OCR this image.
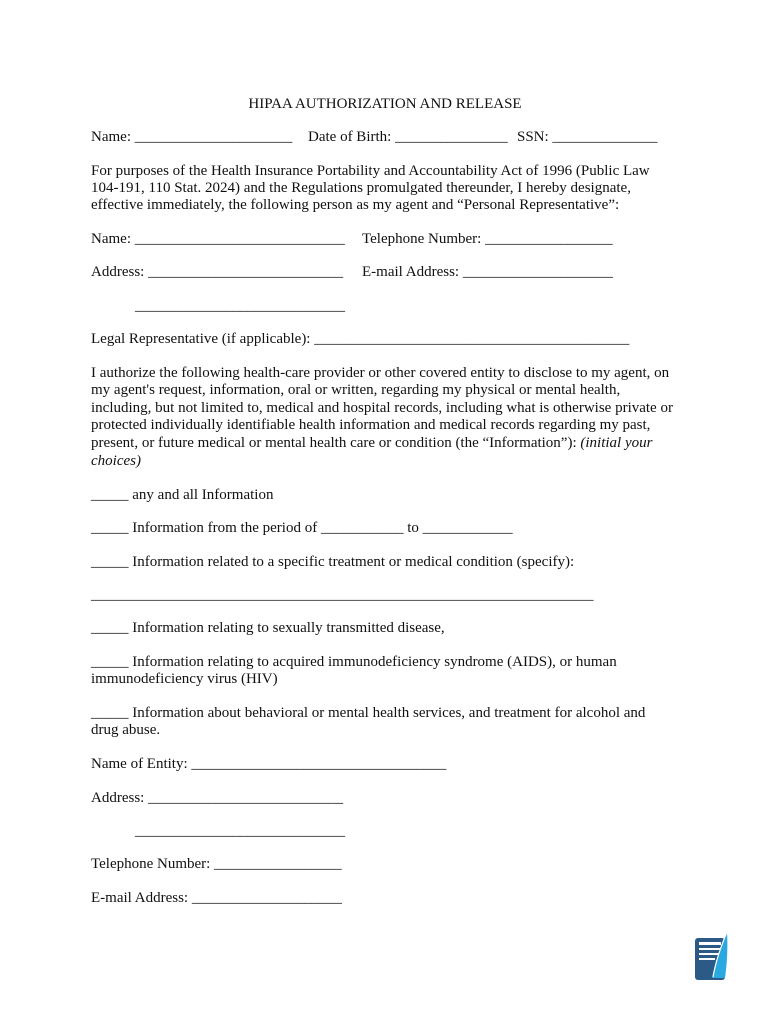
HIPAA AUTHORIZATION AND RELEASE
Name: _____________________ Date of Birth: _______________ SSN: ______________
For purposes of the Health Insurance Portability and Accountability Act of 1996 (Public Law
104-191, 110 Stat. 2024) and the Regulations promulgated thereunder, I hereby designate,
effective immediately, the following person as my agent and “Personal Representative”:
Name: ____________________________ Telephone Number: _________________
Address: __________________________ E-mail Address: ____________________
____________________________
Legal Representative (if applicable): __________________________________________
I authorize the following health-care provider or other covered entity to disclose to my agent, on
my agent's request, information, oral or written, regarding my physical or mental health,
including, but not limited to, medical and hospital records, including what is otherwise private or
protected individually identifiable health information and medical records regarding my past,
present, or future medical or mental health care or condition (the “Information”): (initial your
choices)
_____ any and all Information
_____ Information from the period of ___________ to ____________
_____ Information related to a specific treatment or medical condition (specify):
___________________________________________________________________
_____ Information relating to sexually transmitted disease,
_____ Information relating to acquired immunodeficiency syndrome (AIDS), or human
immunodeficiency virus (HIV)
_____ Information about behavioral or mental health services, and treatment for alcohol and
drug abuse.
Name of Entity: __________________________________
Address: __________________________
____________________________
Telephone Number: _________________
E-mail Address: ____________________
